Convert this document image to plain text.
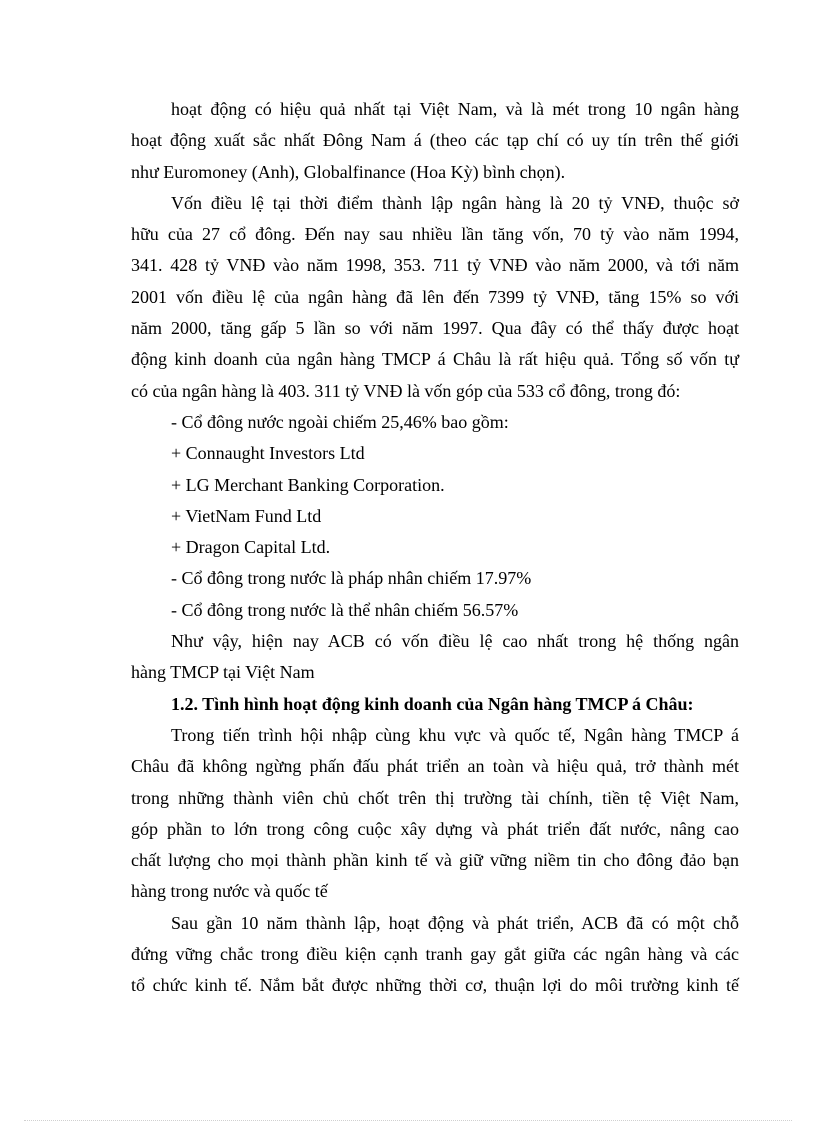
hoạt động có hiệu quả nhất tại Việt Nam, và là mét trong 10 ngân hàng
hoạt động xuất sắc nhất Đông Nam á (theo các tạp chí có uy tín trên thế giới
như Euromoney (Anh), Globalfinance (Hoa Kỳ) bình chọn).
Vốn điều lệ tại thời điểm thành lập ngân hàng là 20 tỷ VNĐ, thuộc sở
hữu của 27 cổ đông. Đến nay sau nhiều lần tăng vốn, 70 tỷ vào năm 1994,
341. 428 tỷ VNĐ vào năm 1998, 353. 711 tỷ VNĐ vào năm 2000, và tới năm
2001 vốn điều lệ của ngân hàng đã lên đến 7399 tỷ VNĐ, tăng 15% so với
năm 2000, tăng gấp 5 lần so với năm 1997. Qua đây có thể thấy được hoạt
động kinh doanh của ngân hàng TMCP á Châu là rất hiệu quả. Tổng số vốn tự
có của ngân hàng là 403. 311 tỷ VNĐ là vốn góp của 533 cổ đông, trong đó:
- Cổ đông nước ngoài chiếm 25,46% bao gồm:
+ Connaught Investors Ltd
+ LG Merchant Banking Corporation.
+ VietNam Fund Ltd
+ Dragon Capital Ltd.
- Cổ đông trong nước là pháp nhân chiếm 17.97%
- Cổ đông trong nước là thể nhân chiếm 56.57%
Như vậy, hiện nay ACB có vốn điều lệ cao nhất trong hệ thống ngân
hàng TMCP tại Việt Nam
1.2. Tình hình hoạt động kinh doanh của Ngân hàng TMCP á Châu:
Trong tiến trình hội nhập cùng khu vực và quốc tế, Ngân hàng TMCP á
Châu đã không ngừng phấn đấu phát triển an toàn và hiệu quả, trở thành mét
trong những thành viên chủ chốt trên thị trường tài chính, tiền tệ Việt Nam,
góp phần to lớn trong công cuộc xây dựng và phát triển đất nước, nâng cao
chất lượng cho mọi thành phần kinh tế và giữ vững niềm tin cho đông đảo bạn
hàng trong nước và quốc tế
Sau gần 10 năm thành lập, hoạt động và phát triển, ACB đã có một chỗ
đứng vững chắc trong điều kiện cạnh tranh gay gắt giữa các ngân hàng và các
tổ chức kinh tế. Nắm bắt được những thời cơ, thuận lợi do môi trường kinh tế
